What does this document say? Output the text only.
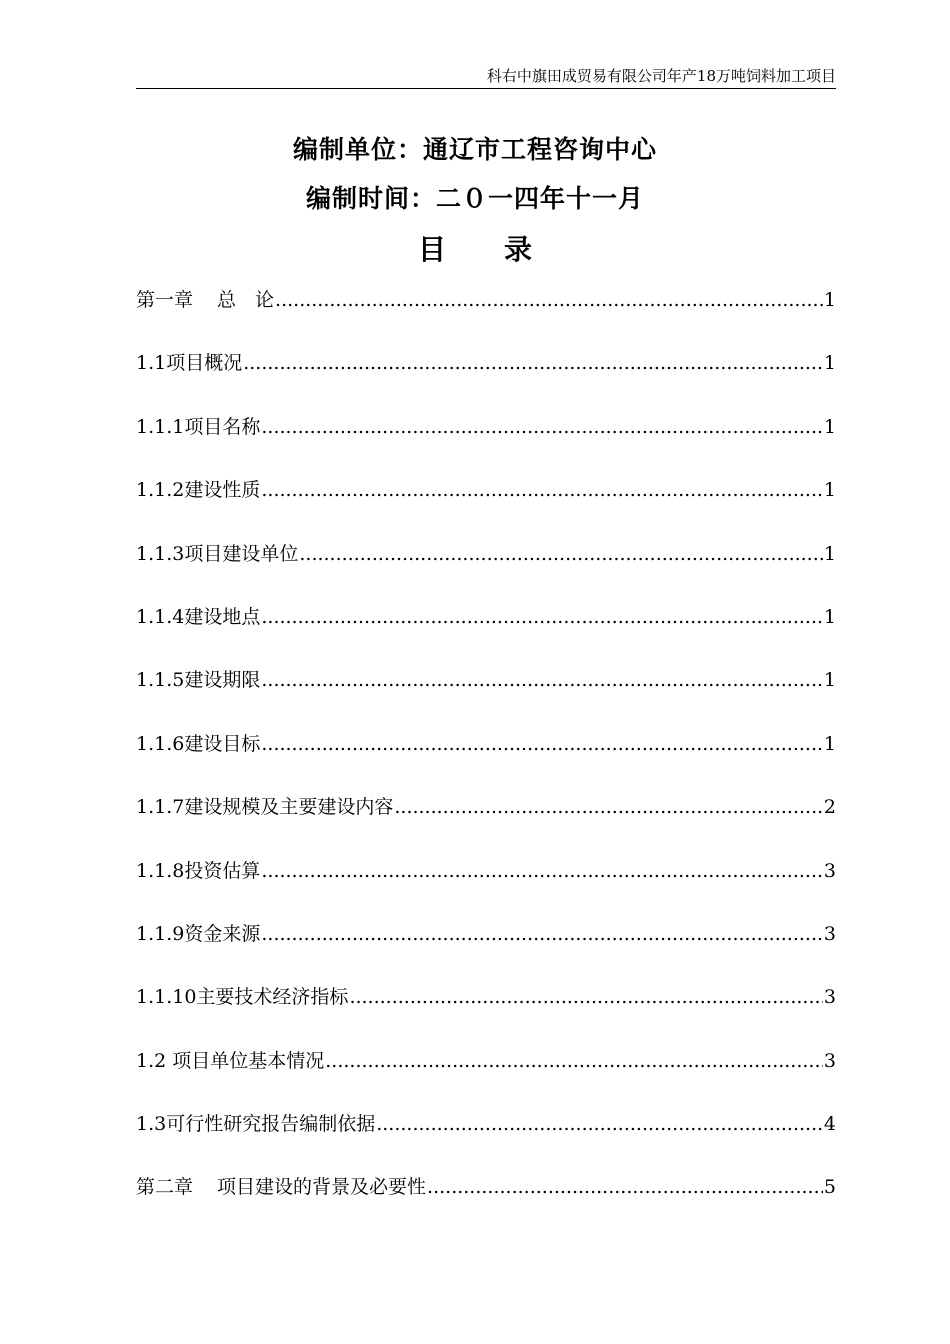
科右中旗田成贸易有限公司年产18万吨饲料加工项目
编制单位：通辽市工程咨询中心
编制时间：二０一四年十一月
目 录
第一章 总　论 .....	1
1.1项目概况 .....	1
1.1.1项目名称 .....	1
1.1.2建设性质 .....	1
1.1.3项目建设单位 .....	1
1.1.4建设地点 .....	1
1.1.5建设期限 .....	1
1.1.6建设目标 .....	1
1.1.7建设规模及主要建设内容 .....	2
1.1.8投资估算 .....	3
1.1.9资金来源 .....	3
1.1.10主要技术经济指标 .....	3
1.2 项目单位基本情况 .....	3
1.3可行性研究报告编制依据 .....	4
第二章 项目建设的背景及必要性 .....	5
